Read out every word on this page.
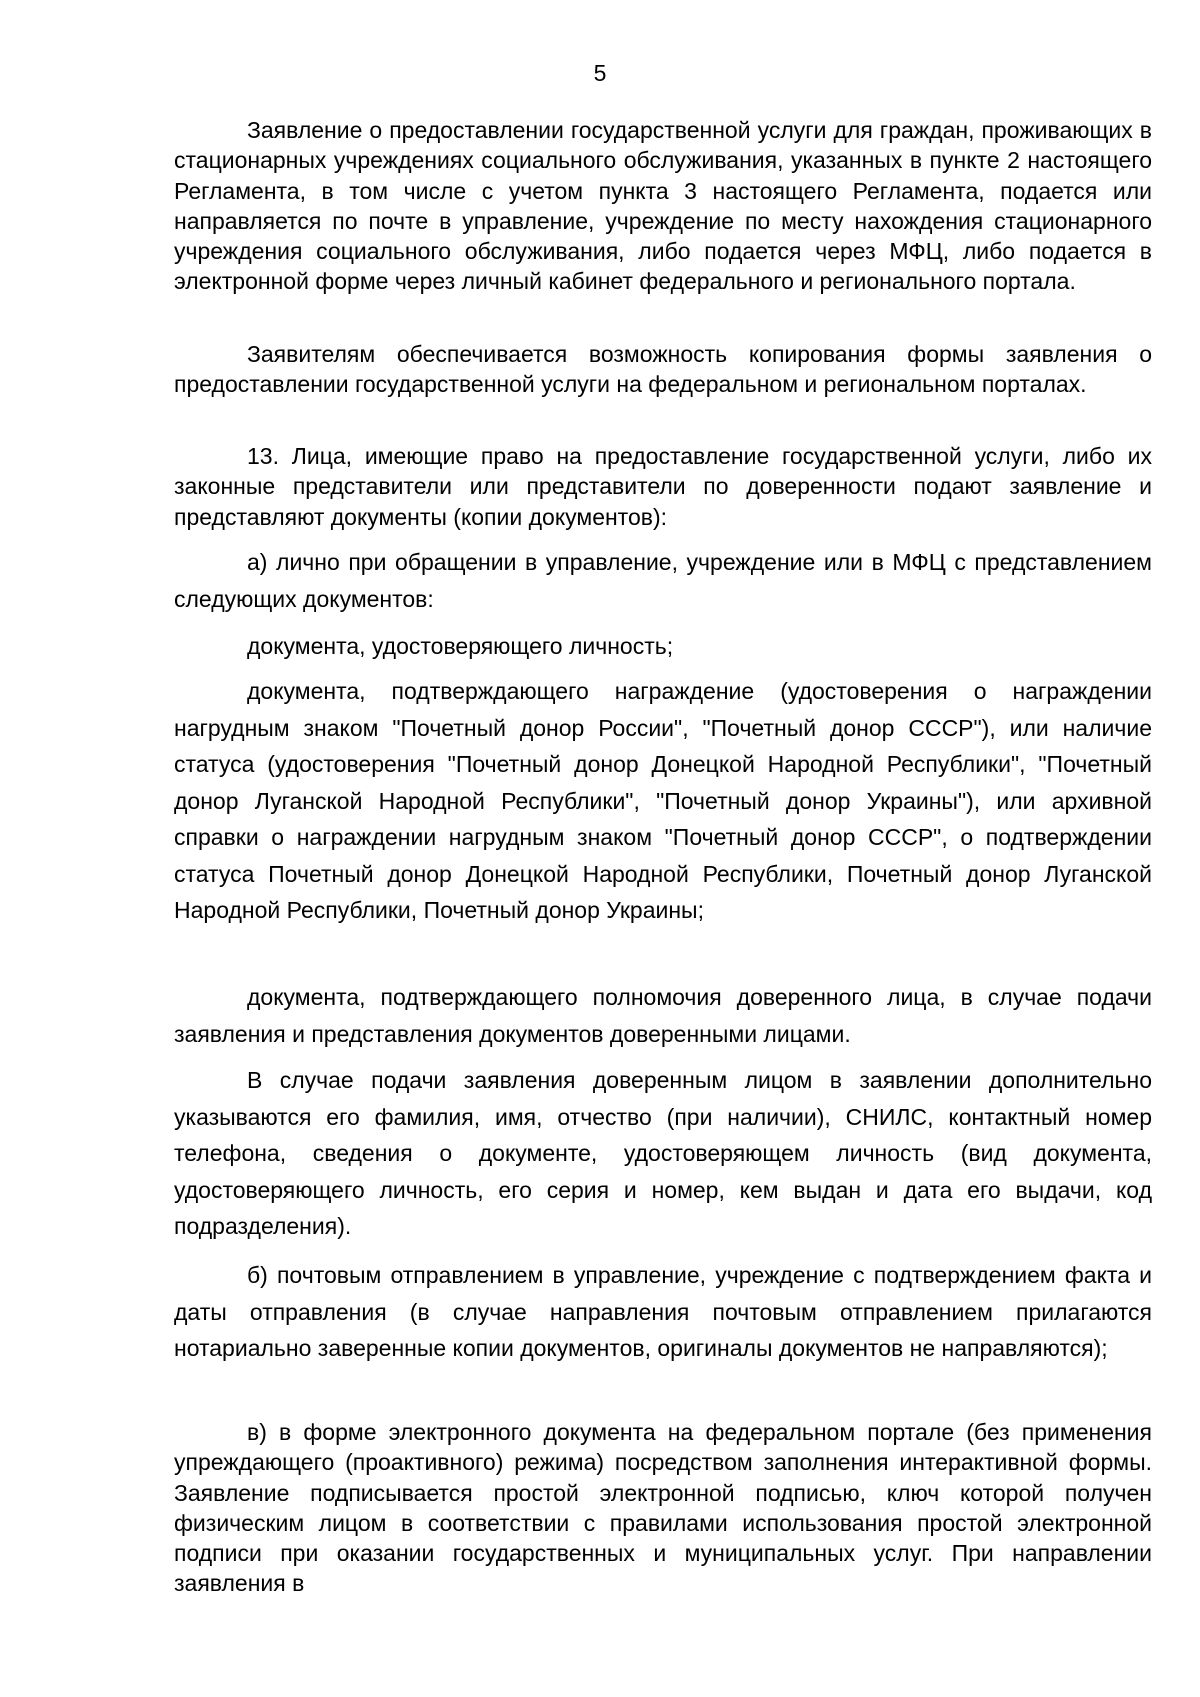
5

Заявление о предоставлении государственной услуги для граждан, проживающих в стационарных учреждениях социального обслуживания, указанных в пункте 2 настоящего Регламента, в том числе с учетом пункта 3 настоящего Регламента, подается или направляется по почте в управление, учреждение по месту нахождения стационарного учреждения социального обслуживания, либо подается через МФЦ, либо подается в электронной форме через личный кабинет федерального и регионального портала.

Заявителям обеспечивается возможность копирования формы заявления о предоставлении государственной услуги на федеральном и региональном порталах.

13. Лица, имеющие право на предоставление государственной услуги, либо их законные представители или представители по доверенности подают заявление и представляют документы (копии документов):

а) лично при обращении в управление, учреждение или в МФЦ с представлением следующих документов:

документа, удостоверяющего личность;

документа, подтверждающего награждение (удостоверения о награждении нагрудным знаком "Почетный донор России", "Почетный донор СССР"), или наличие статуса (удостоверения "Почетный донор Донецкой Народной Республики", "Почетный донор Луганской Народной Республики", "Почетный донор Украины"), или архивной справки о награждении нагрудным знаком "Почетный донор СССР", о подтверждении статуса Почетный донор Донецкой Народной Республики, Почетный донор Луганской Народной Республики, Почетный донор Украины;

документа, подтверждающего полномочия доверенного лица, в случае подачи заявления и представления документов доверенными лицами.

В случае подачи заявления доверенным лицом в заявлении дополнительно указываются его фамилия, имя, отчество (при наличии), СНИЛС, контактный номер телефона, сведения о документе, удостоверяющем личность (вид документа, удостоверяющего личность, его серия и номер, кем выдан и дата его выдачи, код подразделения).

б) почтовым отправлением в управление, учреждение с подтверждением факта и даты отправления (в случае направления почтовым отправлением прилагаются нотариально заверенные копии документов, оригиналы документов не направляются);

в) в форме электронного документа на федеральном портале (без применения упреждающего (проактивного) режима) посредством заполнения интерактивной формы. Заявление подписывается простой электронной подписью, ключ которой получен физическим лицом в соответствии с правилами использования простой электронной подписи при оказании государственных и муниципальных услуг. При направлении заявления в
